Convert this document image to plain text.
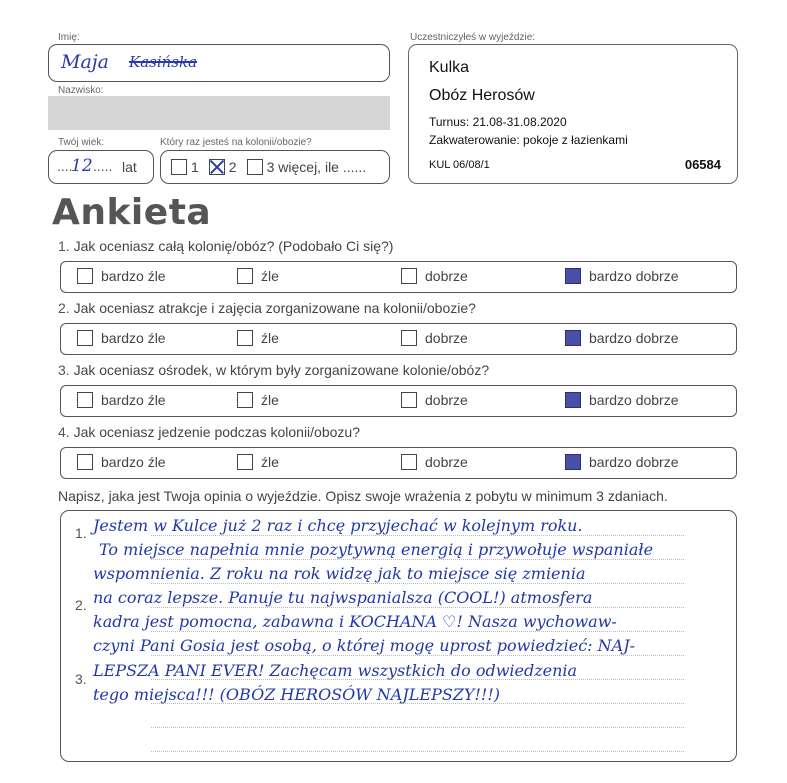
Imię:
Maja Kasińska
Nazwisko:
Twój wiek:
....
12 ..... lat
Który raz jesteś na kolonii/obozie?
1 2 3 więcej, ile ......
Uczestniczyłeś w wyjeździe:
Kulka
Obóz Herosów
Turnus: 21.08-31.08.2020
Zakwaterowanie: pokoje z łazienkami
KUL 06/08/1	06584
Ankieta
1. Jak oceniasz całą kolonię/obóz? (Podobało Ci się?)
bardzo źle	źle	dobrze	bardzo dobrze
2. Jak oceniasz atrakcje i zajęcia zorganizowane na kolonii/obozie?
bardzo źle	źle	dobrze	bardzo dobrze
3. Jak oceniasz ośrodek, w którym były zorganizowane kolonie/obóz?
bardzo źle	źle	dobrze	bardzo dobrze
4. Jak oceniasz jedzenie podczas kolonii/obozu?
bardzo źle	źle	dobrze	bardzo dobrze
Napisz, jaka jest Twoja opinia o wyjeździe. Opisz swoje wrażenia z pobytu w minimum 3 zdaniach.
1.
2.
3.
Jestem w Kulce już 2 raz i chcę przyjechać w kolejnym roku.
To miejsce napełnia mnie pozytywną energią i przywołuje wspaniałe
wspomnienia. Z roku na rok widzę jak to miejsce się zmienia
na coraz lepsze. Panuje tu najwspanialsza (COOL!) atmosfera
kadra jest pomocna, zabawna i KOCHANA ♡! Nasza wychowaw-
czyni Pani Gosia jest osobą, o której mogę uprost powiedzieć: NAJ-
LEPSZA PANI EVER! Zachęcam wszystkich do odwiedzenia
tego miejsca!!! (OBÓZ HEROSÓW NAJLEPSZY!!!)
